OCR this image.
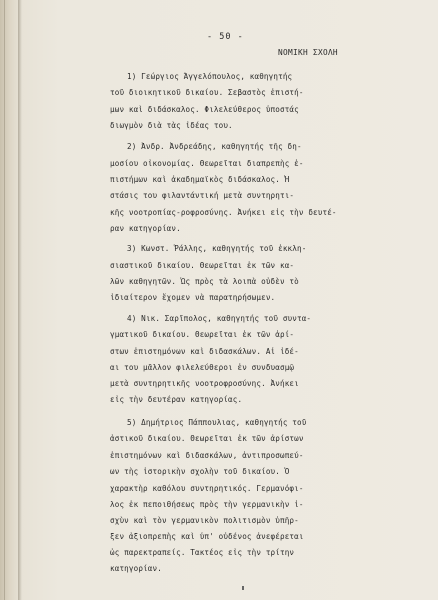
- 50 -
ΝΟΜΙΚΗ ΣΧΟΛΗ
1) Γεώργιος Άγγελόπουλος, καθηγητής
τοῦ διοικητικοῦ δικαίου. Σεβαστὸς ἐπιστή-
μων καὶ διδάσκαλος. Φιλελεύθερος ὑποστάς
διωγμὸν διὰ τὰς ἰδέας του.
2) Ἀνδρ. Ἀνδρεάδης, καθηγητής τῆς δη-
μοσίου οἰκονομίας. Θεωρεῖται διαπρεπὴς ἐ-
πιστήμων καὶ ἀκαδημαϊκὸς διδάσκαλος. Ἡ
στάσις του φιλαντάντική μετὰ συντηρητι-
κῆς νοοτροπίας-ροφροσύνης. Ἀνήκει εἰς τὴν δευτέ-
ραν κατηγορίαν.
3) Κωνστ. Ῥάλλης, καθηγητής τοῦ ἐκκλη-
σιαστικοῦ δικαίου. Θεωρεῖται ἐκ τῶν κα-
λῶν καθηγητῶν. Ὡς πρὸς τὰ λοιπὰ οὐδὲν τὸ
ἰδιαίτερον ἔχομεν νὰ παρατηρήσωμεν.
4) Νικ. Σαρῖπολος, καθηγητής τοῦ συντα-
γματικοῦ δικαίου. Θεωρεῖται ἐκ τῶν ἀρί-
στων ἐπιστημόνων καὶ διδασκάλων. Αἱ ἰδέ-
αι του μᾶλλον φιλελεύθεροι ἐν συνδυασμῷ
μετὰ συντηρητικῆς νοοτροφροσύνης. Ἀνήκει
εἰς τὴν δευτέραν κατηγορίας.
5) Δημήτριος Πάππουλιας, καθηγητής τοῦ
ἀστικοῦ δικαίου. Θεωρεῖται ἐκ τῶν ἀρίστων
ἐπιστημόνων καὶ διδασκάλων, ἀντιπροσωπεύ-
ων τὴς ἱστορικὴν σχολὴν τοῦ δικαίου. Ὁ
χαρακτὴρ καθόλου συντηρητικός. Γερμανόφι-
λος ἐκ πεποιθήσεως πρὸς τὴν γερμανικὴν ἰ-
σχὺν καὶ τὸν γερμανικὸν πολιτισμὸν ὑπῆρ-
ξεν ἀξιοπρεπὴς καὶ ὑπ' οὐδένος ἀνεφέρεται
ὡς παρεκτραπείς. Τακτέος εἰς τὴν τρίτην
κατηγορίαν.
